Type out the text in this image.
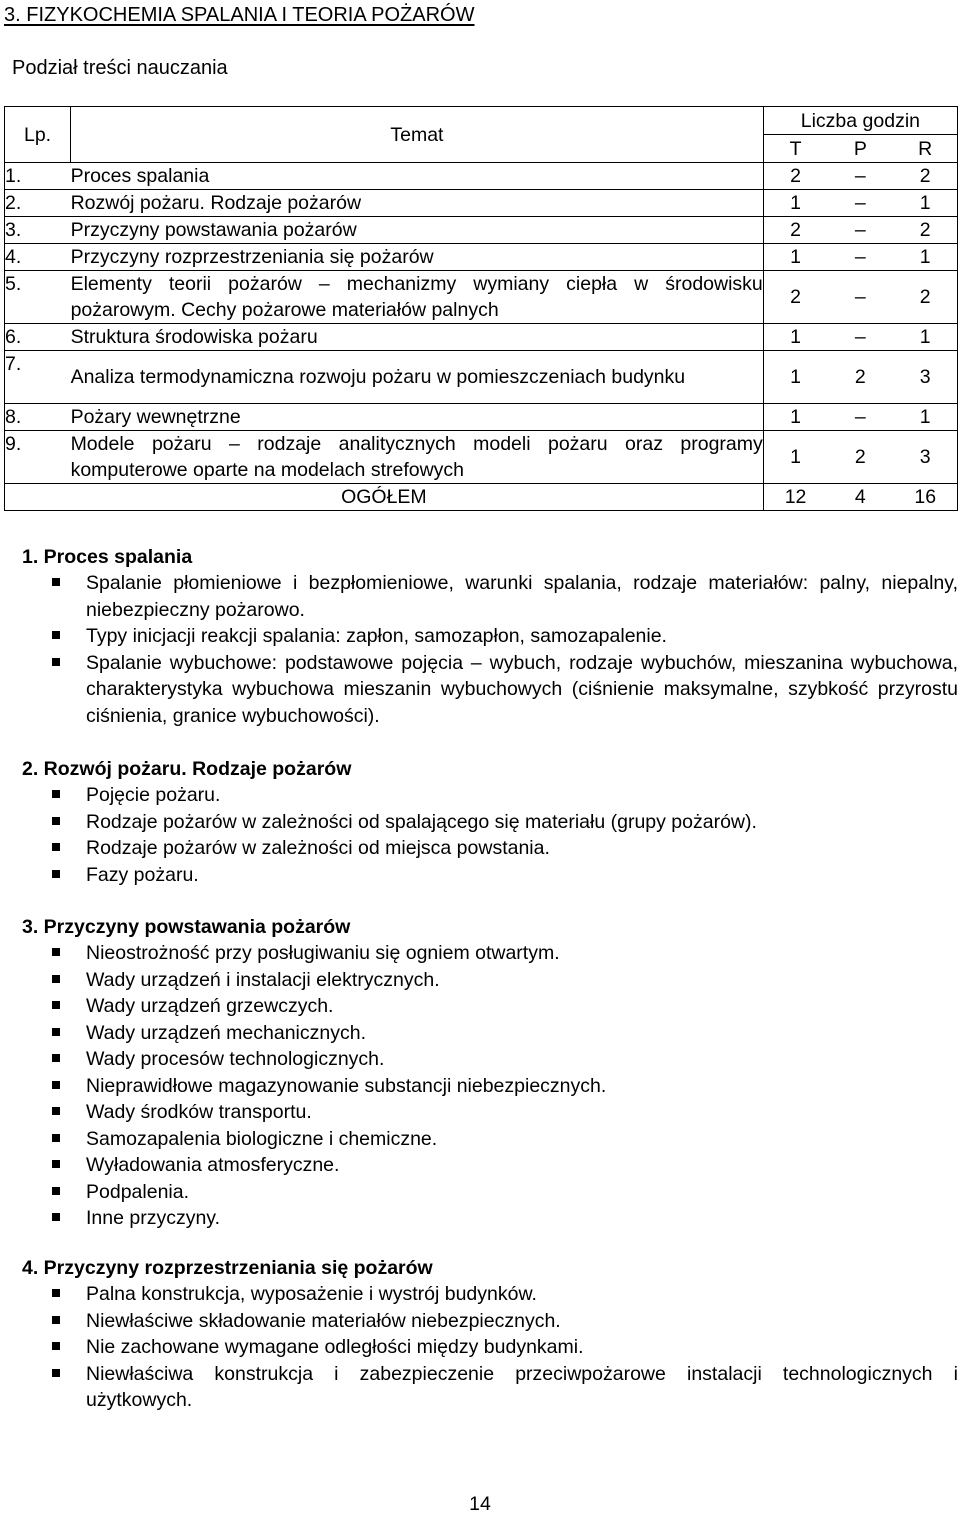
3. FIZYKOCHEMIA SPALANIA I TEORIA POŻARÓW
Podział treści nauczania
Lp.	Temat	Liczba godzin		
		T	P	R
1.	Proces spalania	2	–	2
2.	Rozwój pożaru. Rodzaje pożarów	1	–	1
3.	Przyczyny powstawania pożarów	2	–	2
4.	Przyczyny rozprzestrzeniania się pożarów	1	–	1
5.	Elementy teorii pożarów – mechanizmy wymiany ciepła w środowisku pożarowym. Cechy pożarowe materiałów palnych	2	–	2
6.	Struktura środowiska pożaru	1	–	1
7.	Analiza termodynamiczna rozwoju pożaru w pomieszczeniach budynku	1	2	3
8.	Pożary wewnętrzne	1	–	1
9.	Modele pożaru – rodzaje analitycznych modeli pożaru oraz programy komputerowe oparte na modelach strefowych	1	2	3
OGÓŁEM		12	4	16
1. Proces spalania
Spalanie płomieniowe i bezpłomieniowe, warunki spalania, rodzaje materiałów: palny, niepalny, niebezpieczny pożarowo.
Typy inicjacji reakcji spalania: zapłon, samozapłon, samozapalenie.
Spalanie wybuchowe: podstawowe pojęcia – wybuch, rodzaje wybuchów, mieszanina wybuchowa, charakterystyka wybuchowa mieszanin wybuchowych (ciśnienie maksymalne, szybkość przyrostu ciśnienia, granice wybuchowości).
2. Rozwój pożaru. Rodzaje pożarów
Pojęcie pożaru.
Rodzaje pożarów w zależności od spalającego się materiału (grupy pożarów).
Rodzaje pożarów w zależności od miejsca powstania.
Fazy pożaru.
3. Przyczyny powstawania pożarów
Nieostrożność przy posługiwaniu się ogniem otwartym.
Wady urządzeń i instalacji elektrycznych.
Wady urządzeń grzewczych.
Wady urządzeń mechanicznych.
Wady procesów technologicznych.
Nieprawidłowe magazynowanie substancji niebezpiecznych.
Wady środków transportu.
Samozapalenia biologiczne i chemiczne.
Wyładowania atmosferyczne.
Podpalenia.
Inne przyczyny.
4. Przyczyny rozprzestrzeniania się pożarów
Palna konstrukcja, wyposażenie i wystrój budynków.
Niewłaściwe składowanie materiałów niebezpiecznych.
Nie zachowane wymagane odległości między budynkami.
Niewłaściwa konstrukcja i zabezpieczenie przeciwpożarowe instalacji technologicznych i użytkowych.
14
